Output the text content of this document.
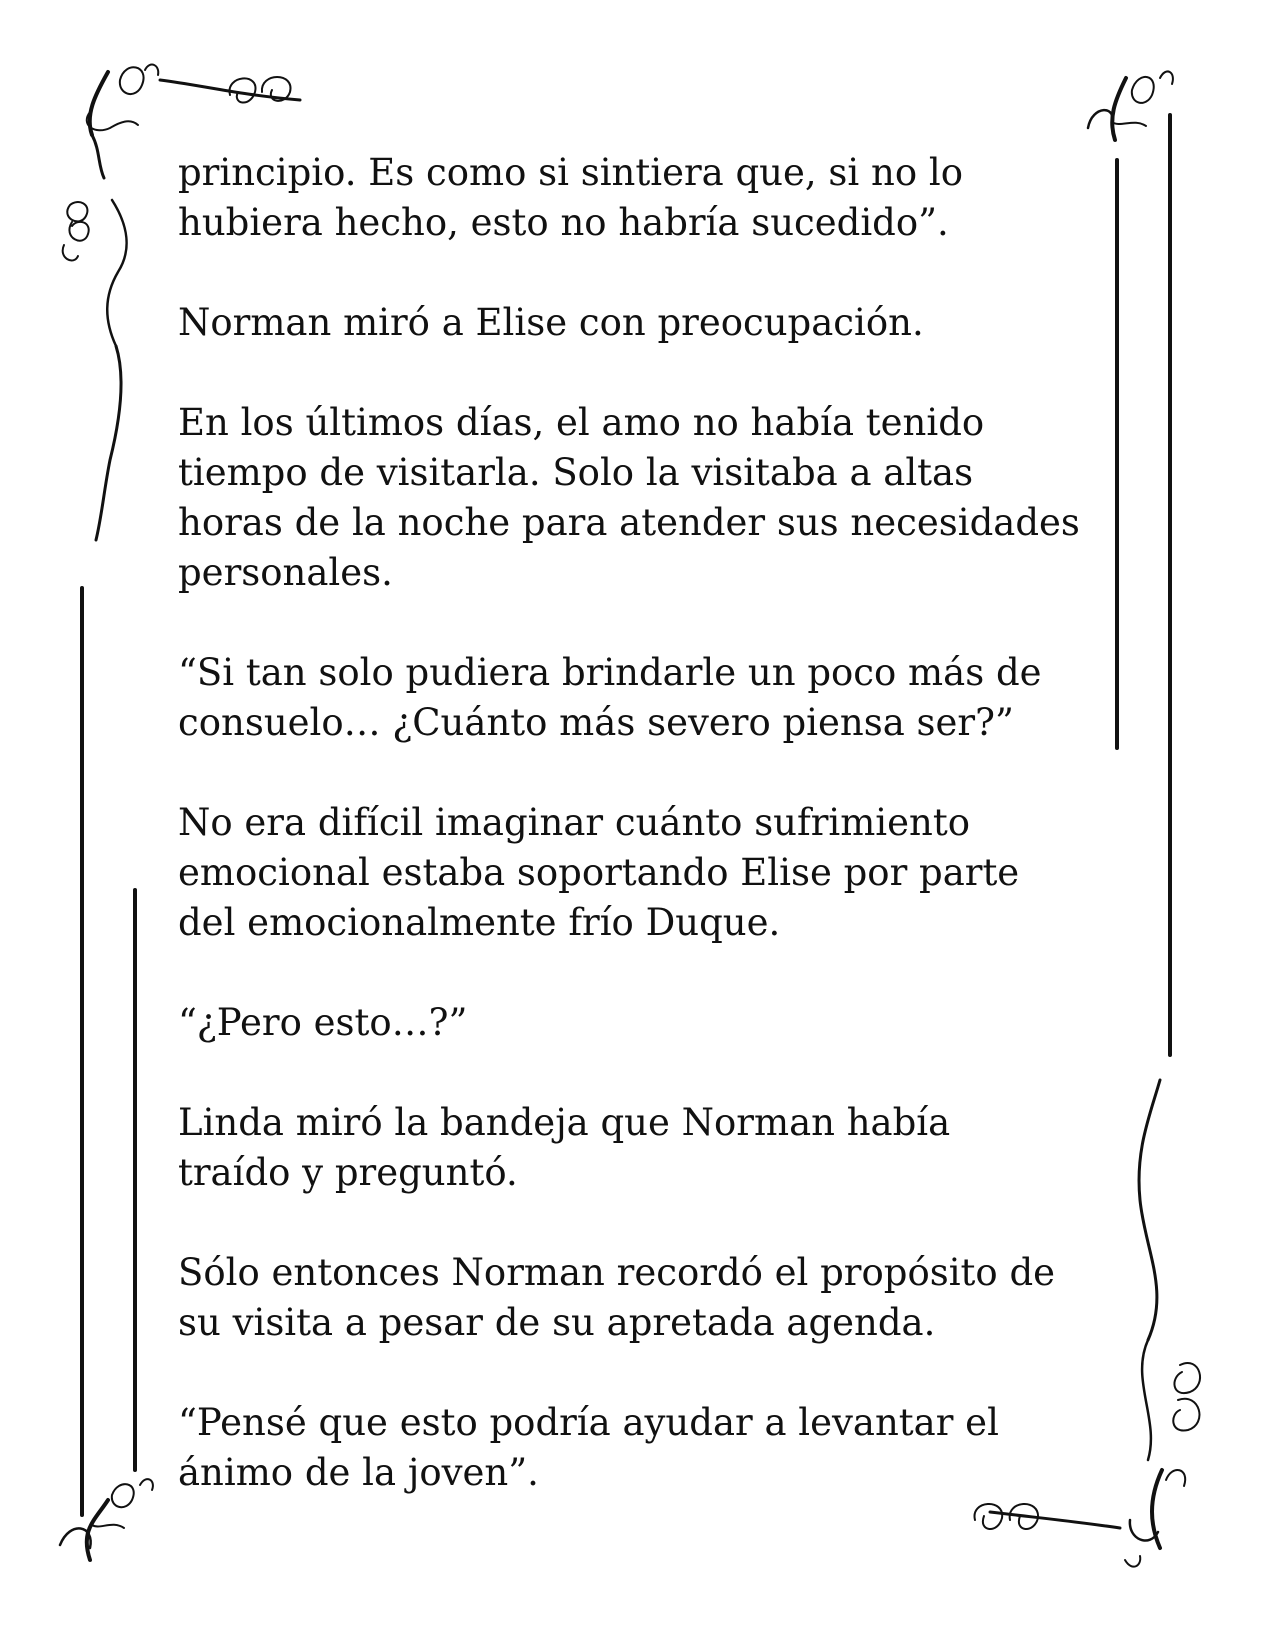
principio. Es como si sintiera que, si no lo
hubiera hecho, esto no habría sucedido”.

Norman miró a Elise con preocupación.

En los últimos días, el amo no había tenido
tiempo de visitarla. Solo la visitaba a altas
horas de la noche para atender sus necesidades
personales.

“Si tan solo pudiera brindarle un poco más de
consuelo… ¿Cuánto más severo piensa ser?”

No era difícil imaginar cuánto sufrimiento
emocional estaba soportando Elise por parte
del emocionalmente frío Duque.

“¿Pero esto…?”

Linda miró la bandeja que Norman había
traído y preguntó.

Sólo entonces Norman recordó el propósito de
su visita a pesar de su apretada agenda.

“Pensé que esto podría ayudar a levantar el
ánimo de la joven”.
